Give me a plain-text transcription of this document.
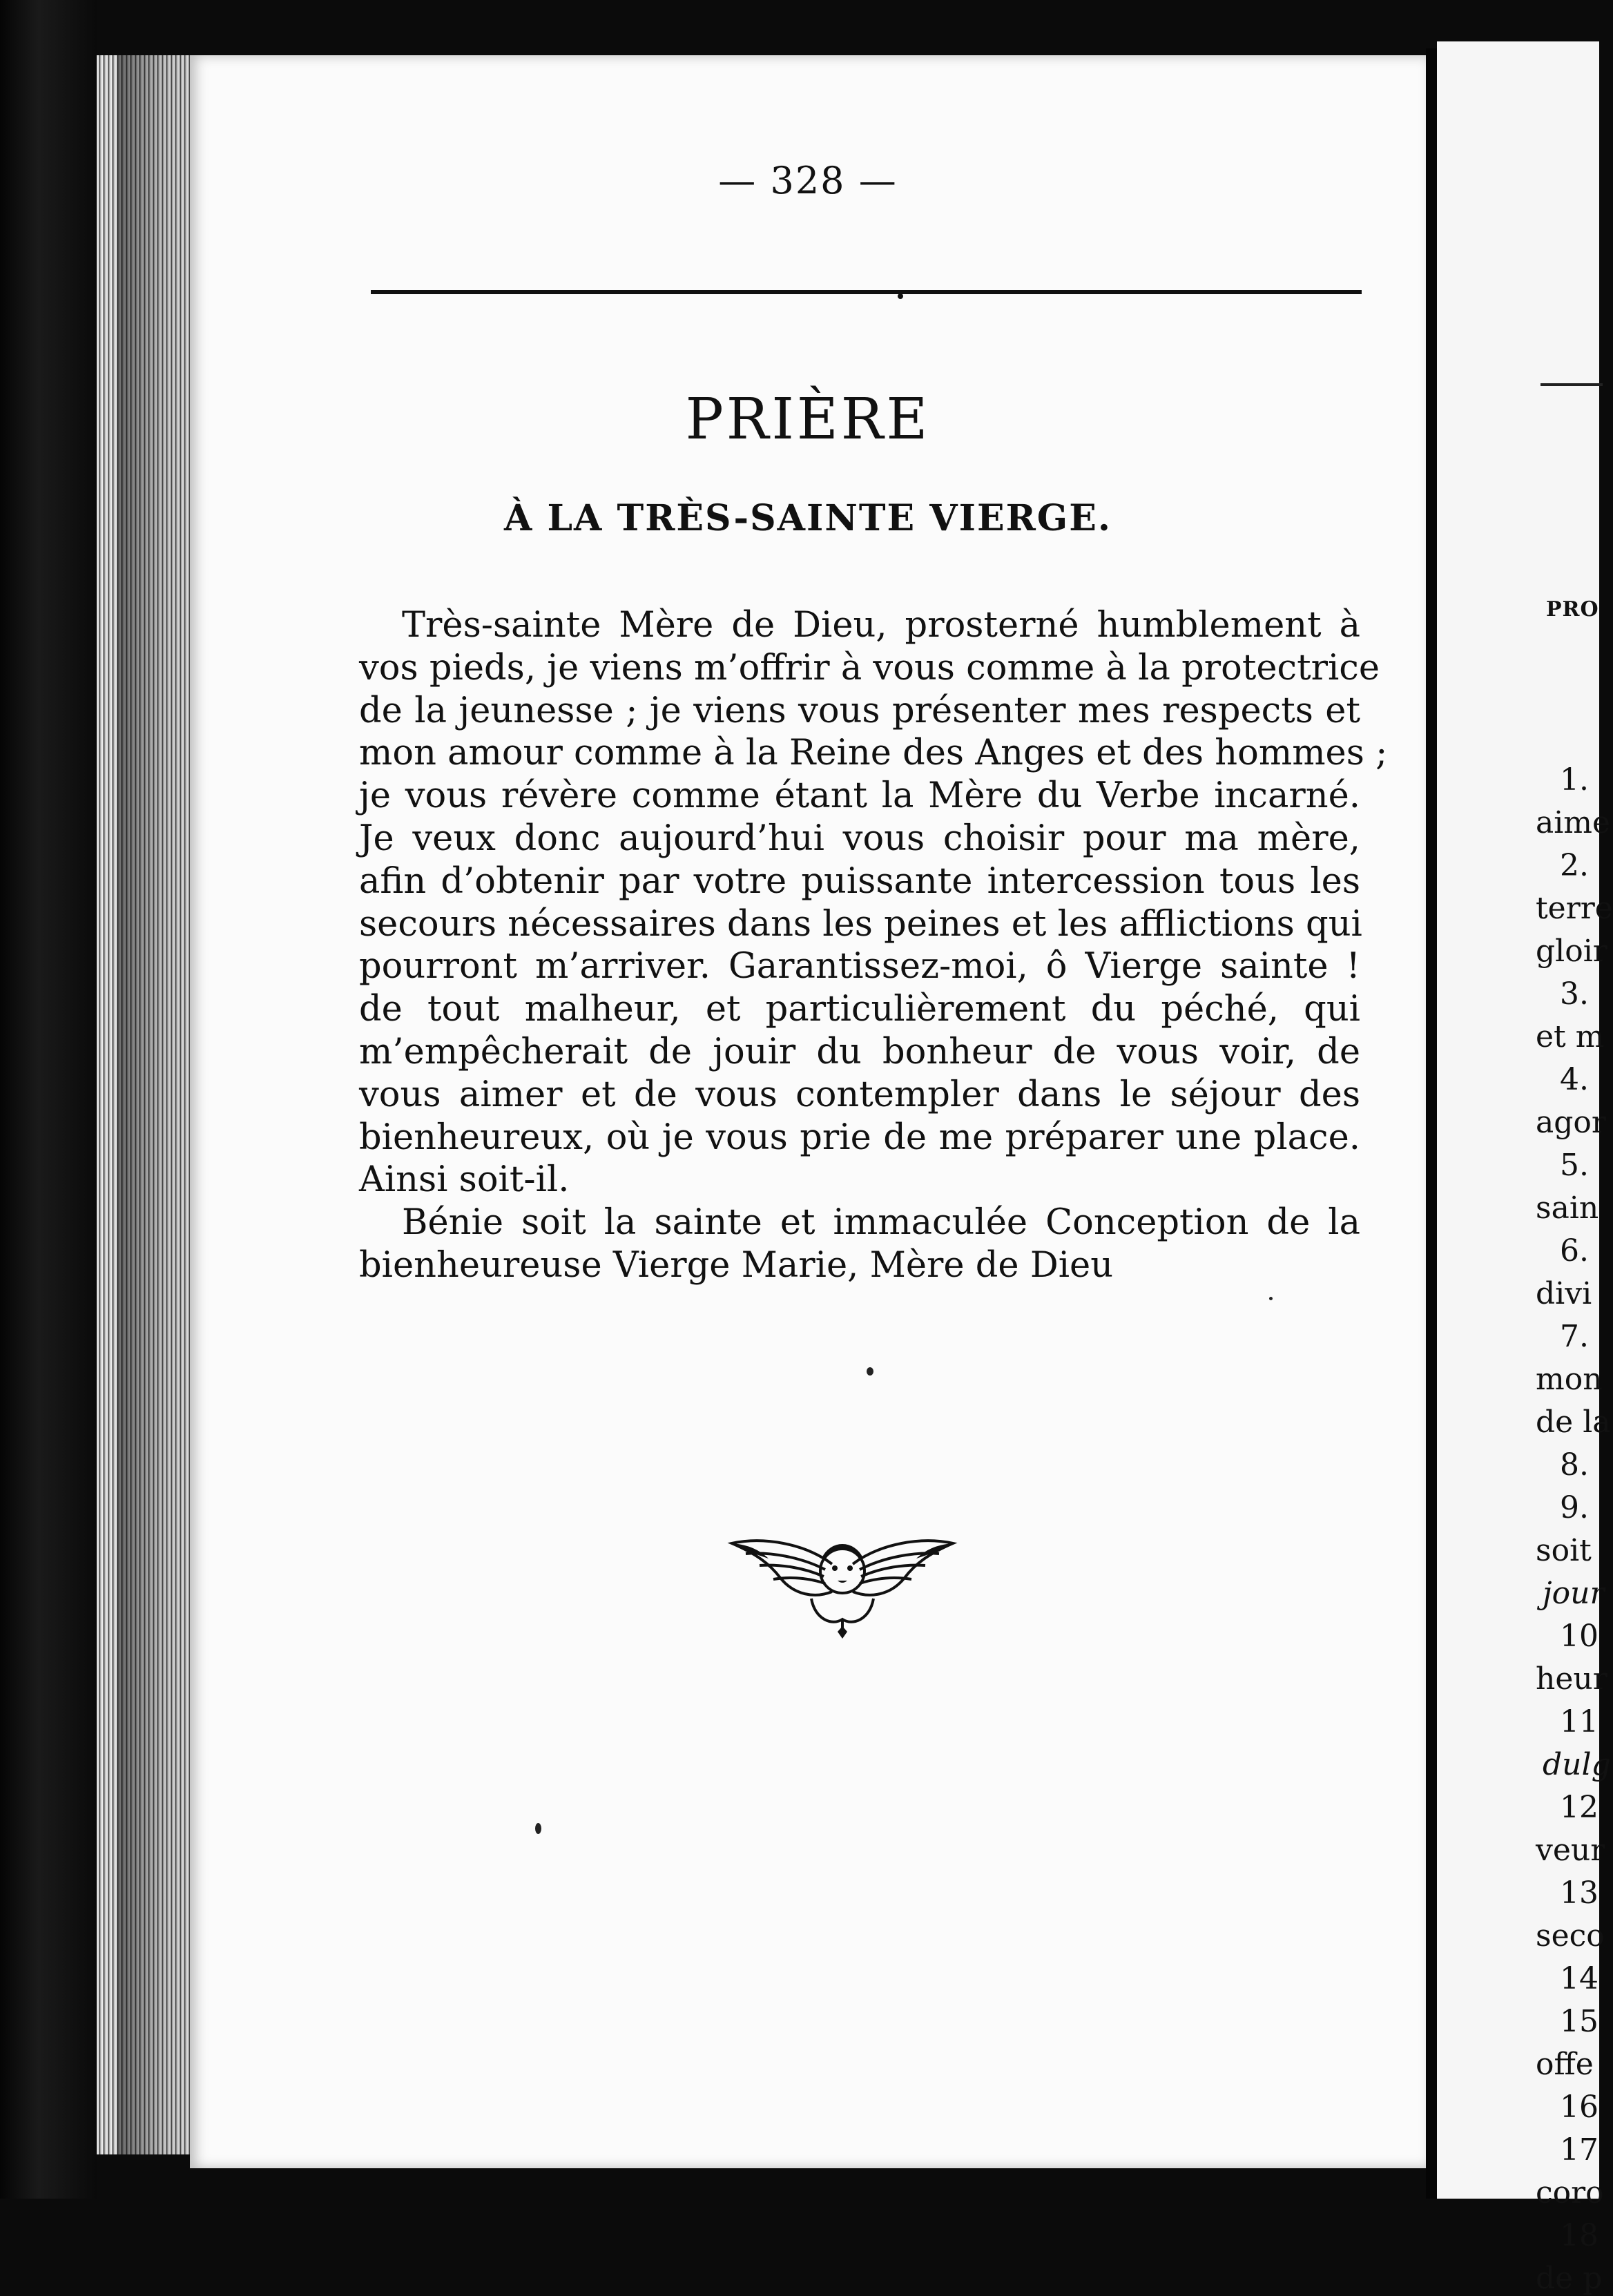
— 328 —
PRIÈRE
À LA TRÈS-SAINTE VIERGE.
Très-sainte Mère de Dieu, prosterné humblement à
vos pieds, je viens m’offrir à vous comme à la protectrice
de la jeunesse ; je viens vous présenter mes respects et
mon amour comme à la Reine des Anges et des hommes ;
je vous révère comme étant la Mère du Verbe incarné.
Je veux donc aujourd’hui vous choisir pour ma mère,
afin d’obtenir par votre puissante intercession tous les
secours nécessaires dans les peines et les afflictions qui
pourront m’arriver. Garantissez-moi, ô Vierge sainte !
de tout malheur, et particulièrement du péché, qui
m’empêcherait de jouir du bonheur de vous voir, de
vous aimer et de vous contempler dans le séjour des
bienheureux, où je vous prie de me préparer une place.
Ainsi soit-il.
Bénie soit la sainte et immaculée Conception de la
bienheureuse Vierge Marie, Mère de Dieu
PRO
1.
aime
2.
terre
gloir
3.
et m
4.
agor
5.
sain
6.
divi
7.
mon
de la
8.
9.
soit
jour
10
heur
11
dulg
12
veur
13
seco
14
15
offe
16
17
coro
18
de p
